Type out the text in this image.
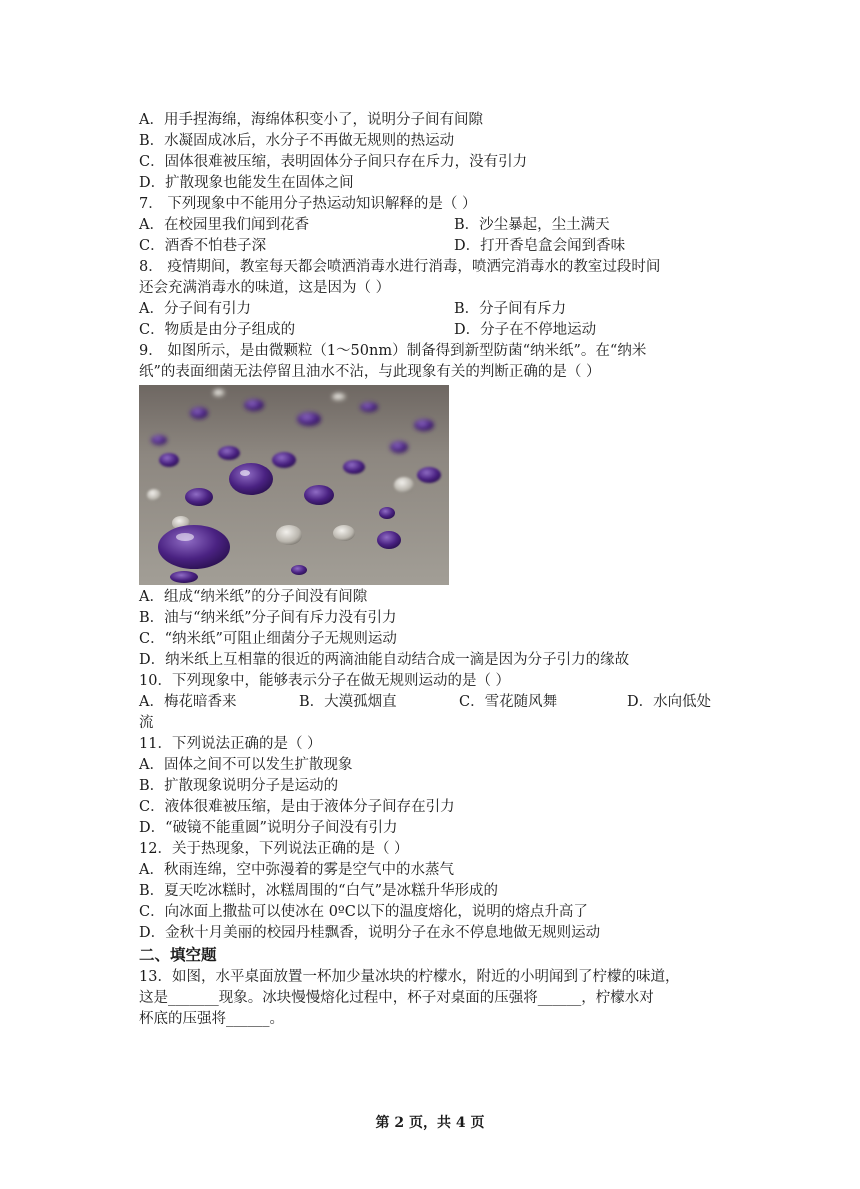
A．用手捏海绵，海绵体积变小了，说明分子间有间隙
B．水凝固成冰后，水分子不再做无规则的热运动
C．固体很难被压缩，表明固体分子间只存在斥力，没有引力
D．扩散现象也能发生在固体之间
7． 下列现象中不能用分子热运动知识解释的是（ ）
A．在校园里我们闻到花香	B．沙尘暴起，尘土满天
C．酒香不怕巷子深	D．打开香皂盒会闻到香味
8． 疫情期间，教室每天都会喷洒消毒水进行消毒，喷洒完消毒水的教室过段时间
还会充满消毒水的味道，这是因为（ ）
A．分子间有引力	B．分子间有斥力
C．物质是由分子组成的	D．分子在不停地运动
9． 如图所示，是由微颗粒（1～50nm）制备得到新型防菌“纳米纸”。在“纳米
纸”的表面细菌无法停留且油水不沾，与此现象有关的判断正确的是（ ）
A．组成“纳米纸”的分子间没有间隙
B．油与“纳米纸”分子间有斥力没有引力
C．“纳米纸”可阻止细菌分子无规则运动
D．纳米纸上互相靠的很近的两滴油能自动结合成一滴是因为分子引力的缘故
10．下列现象中，能够表示分子在做无规则运动的是（ ）
A．梅花暗香来	B．大漠孤烟直	C．雪花随风舞	D．水向低处
流
11．下列说法正确的是（ ）
A．固体之间不可以发生扩散现象
B．扩散现象说明分子是运动的
C．液体很难被压缩，是由于液体分子间存在引力
D．“破镜不能重圆”说明分子间没有引力
12．关于热现象，下列说法正确的是（ ）
A．秋雨连绵，空中弥漫着的雾是空气中的水蒸气
B．夏天吃冰糕时，冰糕周围的“白气”是冰糕升华形成的
C．向冰面上撒盐可以使冰在 0ºC以下的温度熔化，说明的熔点升高了
D．金秋十月美丽的校园丹桂飘香，说明分子在永不停息地做无规则运动
二、填空题
13．如图，水平桌面放置一杯加少量冰块的柠檬水，附近的小明闻到了柠檬的味道，
这是_______现象。冰块慢慢熔化过程中，杯子对桌面的压强将______，柠檬水对
杯底的压强将______。
第 2 页，共 4 页
